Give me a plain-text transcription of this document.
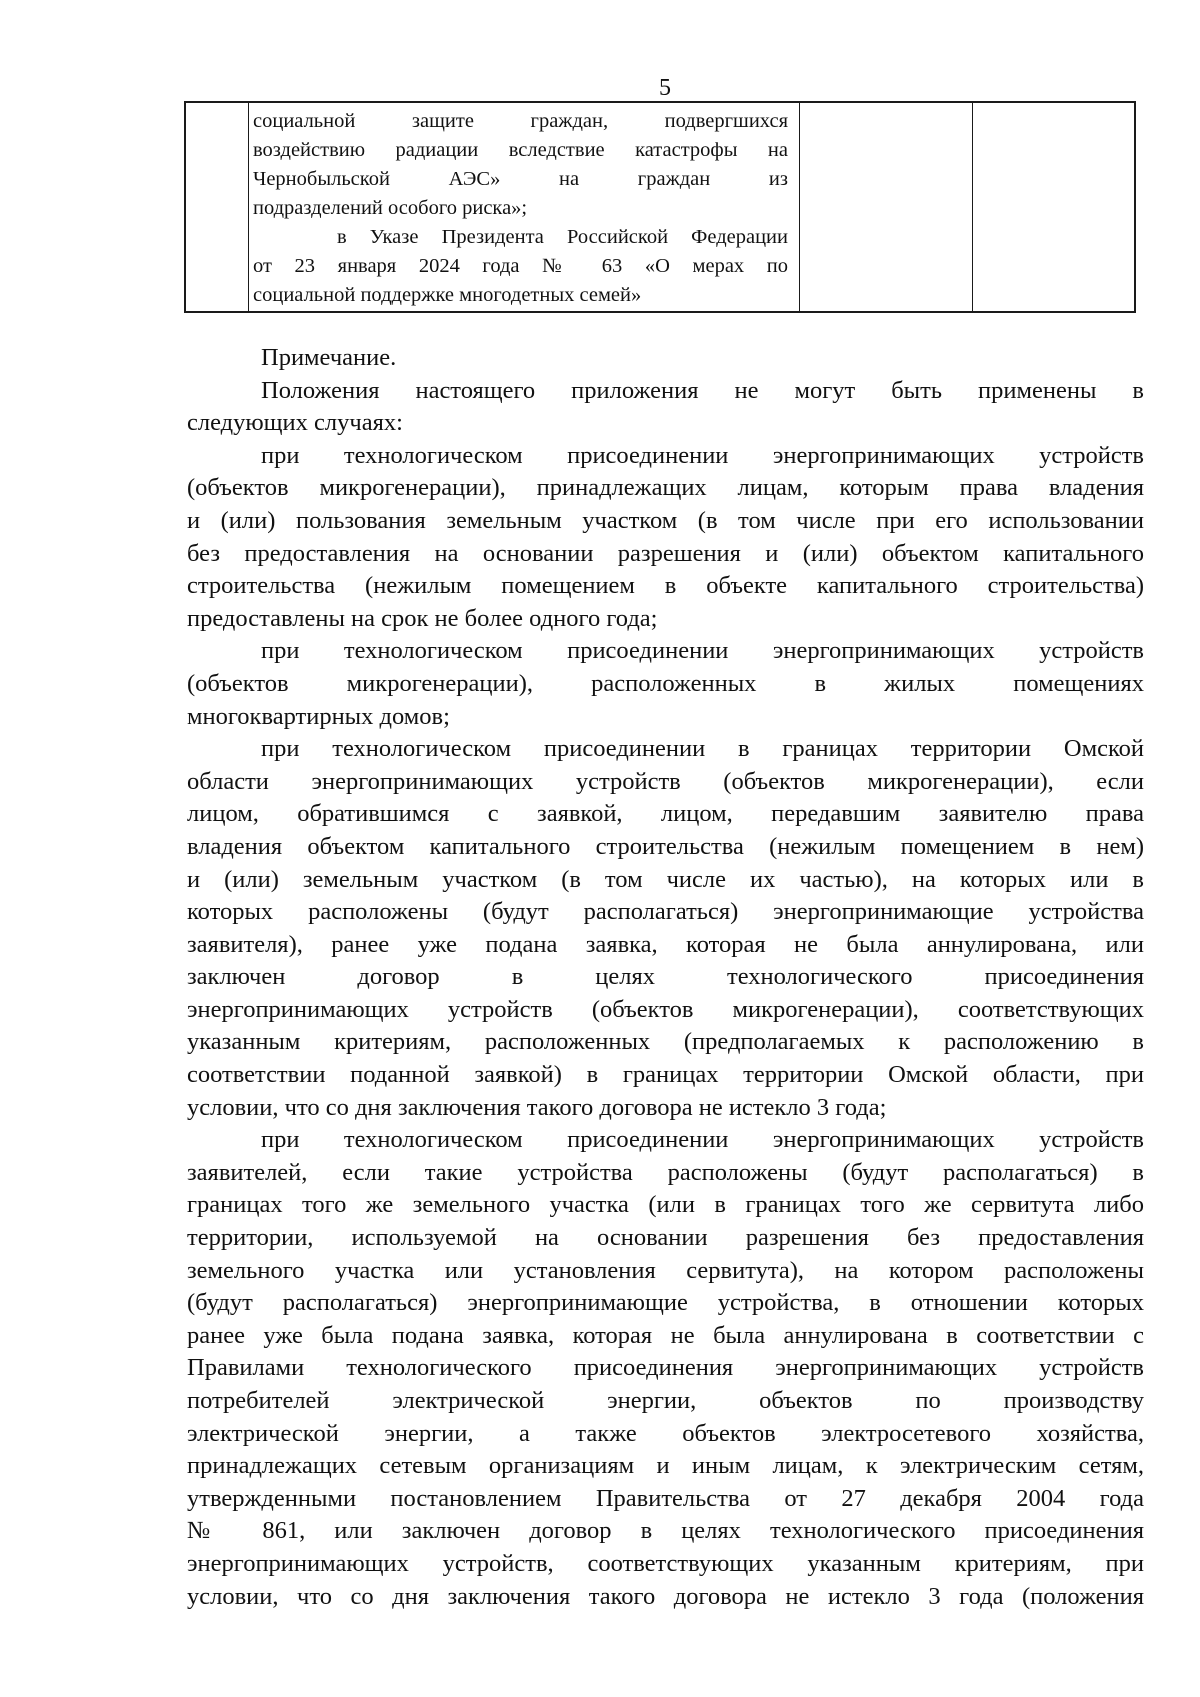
5
социальной защите граждан, подвергшихся
воздействию радиации вследствие катастрофы на
Чернобыльской АЭС» на граждан из
подразделений особого риска»;
в Указе Президента Российской Федерации
от 23 января 2024 года № 63 «О мерах по
социальной поддержке многодетных семей»
Примечание.
Положения настоящего приложения не могут быть применены в
следующих случаях:
при технологическом присоединении энергопринимающих устройств
(объектов микрогенерации), принадлежащих лицам, которым права владения
и (или) пользования земельным участком (в том числе при его использовании
без предоставления на основании разрешения и (или) объектом капитального
строительства (нежилым помещением в объекте капитального строительства)
предоставлены на срок не более одного года;
при технологическом присоединении энергопринимающих устройств
(объектов микрогенерации), расположенных в жилых помещениях
многоквартирных домов;
при технологическом присоединении в границах территории Омской
области энергопринимающих устройств (объектов микрогенерации), если
лицом, обратившимся с заявкой, лицом, передавшим заявителю права
владения объектом капитального строительства (нежилым помещением в нем)
и (или) земельным участком (в том числе их частью), на которых или в
которых расположены (будут располагаться) энергопринимающие устройства
заявителя), ранее уже подана заявка, которая не была аннулирована, или
заключен договор в целях технологического присоединения
энергопринимающих устройств (объектов микрогенерации), соответствующих
указанным критериям, расположенных (предполагаемых к расположению в
соответствии поданной заявкой) в границах территории Омской области, при
условии, что со дня заключения такого договора не истекло 3 года;
при технологическом присоединении энергопринимающих устройств
заявителей, если такие устройства расположены (будут располагаться) в
границах того же земельного участка (или в границах того же сервитута либо
территории, используемой на основании разрешения без предоставления
земельного участка или установления сервитута), на котором расположены
(будут располагаться) энергопринимающие устройства, в отношении которых
ранее уже была подана заявка, которая не была аннулирована в соответствии с
Правилами технологического присоединения энергопринимающих устройств
потребителей электрической энергии, объектов по производству
электрической энергии, а также объектов электросетевого хозяйства,
принадлежащих сетевым организациям и иным лицам, к электрическим сетям,
утвержденными постановлением Правительства от 27 декабря 2004 года
№ 861, или заключен договор в целях технологического присоединения
энергопринимающих устройств, соответствующих указанным критериям, при
условии, что со дня заключения такого договора не истекло 3 года (положения
